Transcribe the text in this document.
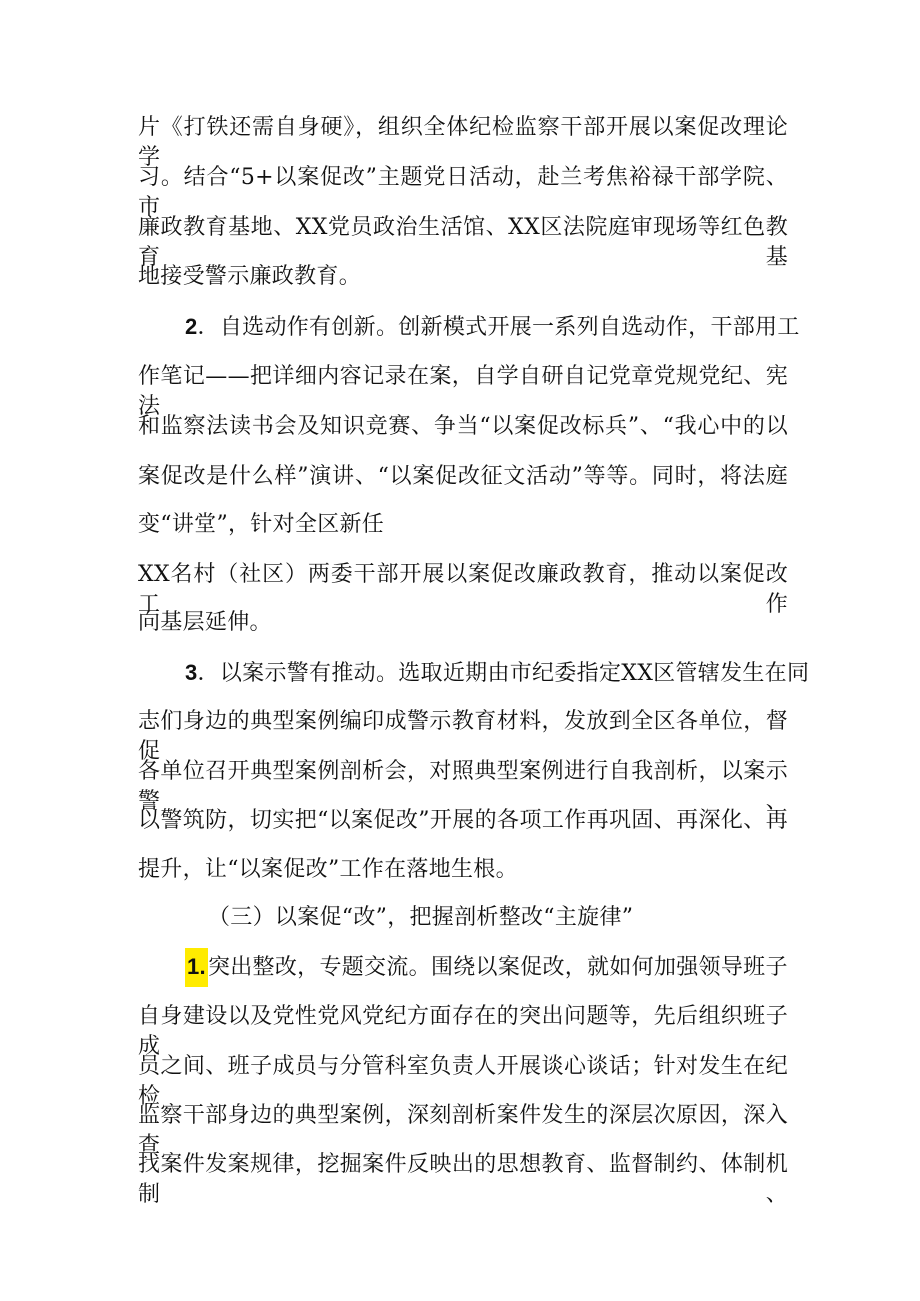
片《打铁还需自身硬》，组织全体纪检监察干部开展以案促改理论学
习。结合“5+以案促改”主题党日活动，赴兰考焦裕禄干部学院、市
廉政教育基地、XX党员政治生活馆、XX区法院庭审现场等红色教育基
地接受警示廉政教育。
2．自选动作有创新。创新模式开展一系列自选动作，干部用工
作笔记——把详细内容记录在案，自学自研自记党章党规党纪、宪法
和监察法读书会及知识竞赛、争当“以案促改标兵”、“我心中的以
案促改是什么样”演讲、“以案促改征文活动”等等。同时，将法庭
变“讲堂”，针对全区新任
XX名村（社区）两委干部开展以案促改廉政教育，推动以案促改工作
向基层延伸。
3．以案示警有推动。选取近期由市纪委指定XX区管辖发生在同
志们身边的典型案例编印成警示教育材料，发放到全区各单位，督促
各单位召开典型案例剖析会，对照典型案例进行自我剖析，以案示警、
以警筑防，切实把“以案促改”开展的各项工作再巩固、再深化、再
提升，让“以案促改”工作在落地生根。
（三）以案促“改”，把握剖析整改“主旋律”
1.突出整改，专题交流。围绕以案促改，就如何加强领导班子
自身建设以及党性党风党纪方面存在的突出问题等，先后组织班子成
员之间、班子成员与分管科室负责人开展谈心谈话；针对发生在纪检
监察干部身边的典型案例，深刻剖析案件发生的深层次原因，深入查
找案件发案规律，挖掘案件反映出的思想教育、监督制约、体制机制、
